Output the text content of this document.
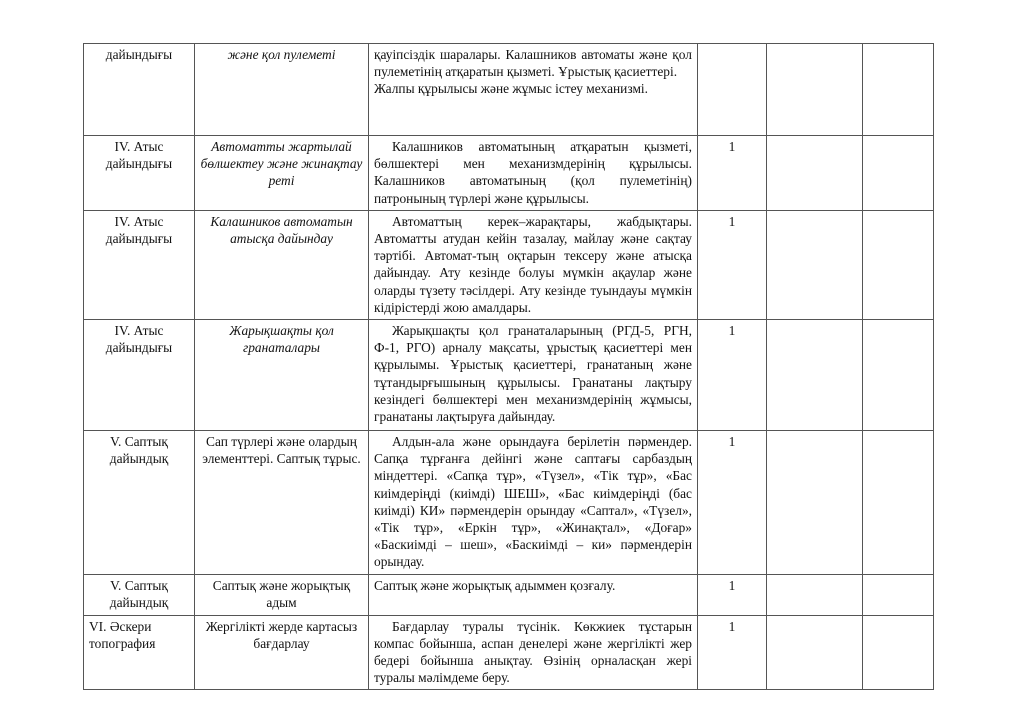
дайындығы	және қол пулеметі	қауіпсіздік шаралары. Калашников автоматы және қол пулеметінің атқаратын қызметі. Ұрыстық қасиеттері.
Жалпы құрылысы және жұмыс істеу механизмі.			

IV. Атыс дайындығы	Автоматты жартылай бөлшектеу және жинақтау реті	Калашников автоматының атқаратын қызметі, бөлшектері мен механизмдерінің құрылысы. Калашников автоматының (қол пулеметінің) патронының түрлері және құрылысы.	1		
IV. Атыс дайындығы	Калашников автоматын атысқа дайындау	Автоматтың керек–жарақтары, жабдықтары. Автоматты атудан кейін тазалау, майлау және сақтау тәртібі. Автомат-тың оқтарын тексеру және атысқа дайындау. Ату кезінде болуы мүмкін ақаулар және оларды түзету тәсілдері. Ату кезінде туындауы мүмкін кідірістерді жою амалдары.	1		
IV. Атыс дайындығы	Жарықшақты қол гранаталары	Жарықшақты қол гранаталарының (РГД-5, РГН, Ф-1, РГО) арналу мақсаты, ұрыстық қасиеттері мен құрылымы. Ұрыстық қасиеттері, гранатаның және тұтандырғышының құрылысы. Гранатаны лақтыру кезіндегі бөлшектері мен механизмдерінің жұмысы, гранатаны лақтыруға дайындау.	1		
V. Саптық дайындық	Сап түрлері және олардың элементтері. Саптық тұрыс.	Алдын-ала және орындауға берілетін пәрмендер. Сапқа тұрғанға дейінгі және саптағы сарбаздың міндеттері. «Сапқа тұр», «Түзел», «Тік тұр», «Бас киімдеріңді (киімді) ШЕШ», «Бас киімдеріңді (бас киімді) КИ» пәрмендерін орындау «Саптал», «Түзел», «Тік тұр», «Еркін тұр», «Жинақтал», «Доғар» «Баскиімді – шеш», «Баскиімді – ки» пәрмендерін орындау.	1		
V. Саптық дайындық	Саптық және жорықтық адым	Саптық және жорықтық адыммен қозғалу.	1		
VI. Әскери топография	Жергілікті жерде картасыз бағдарлау	Бағдарлау туралы түсінік. Көкжиек тұстарын компас бойынша, аспан денелері және жергілікті жер бедері бойынша анықтау. Өзінің орналасқан жері туралы мәлімдеме беру.	1		
